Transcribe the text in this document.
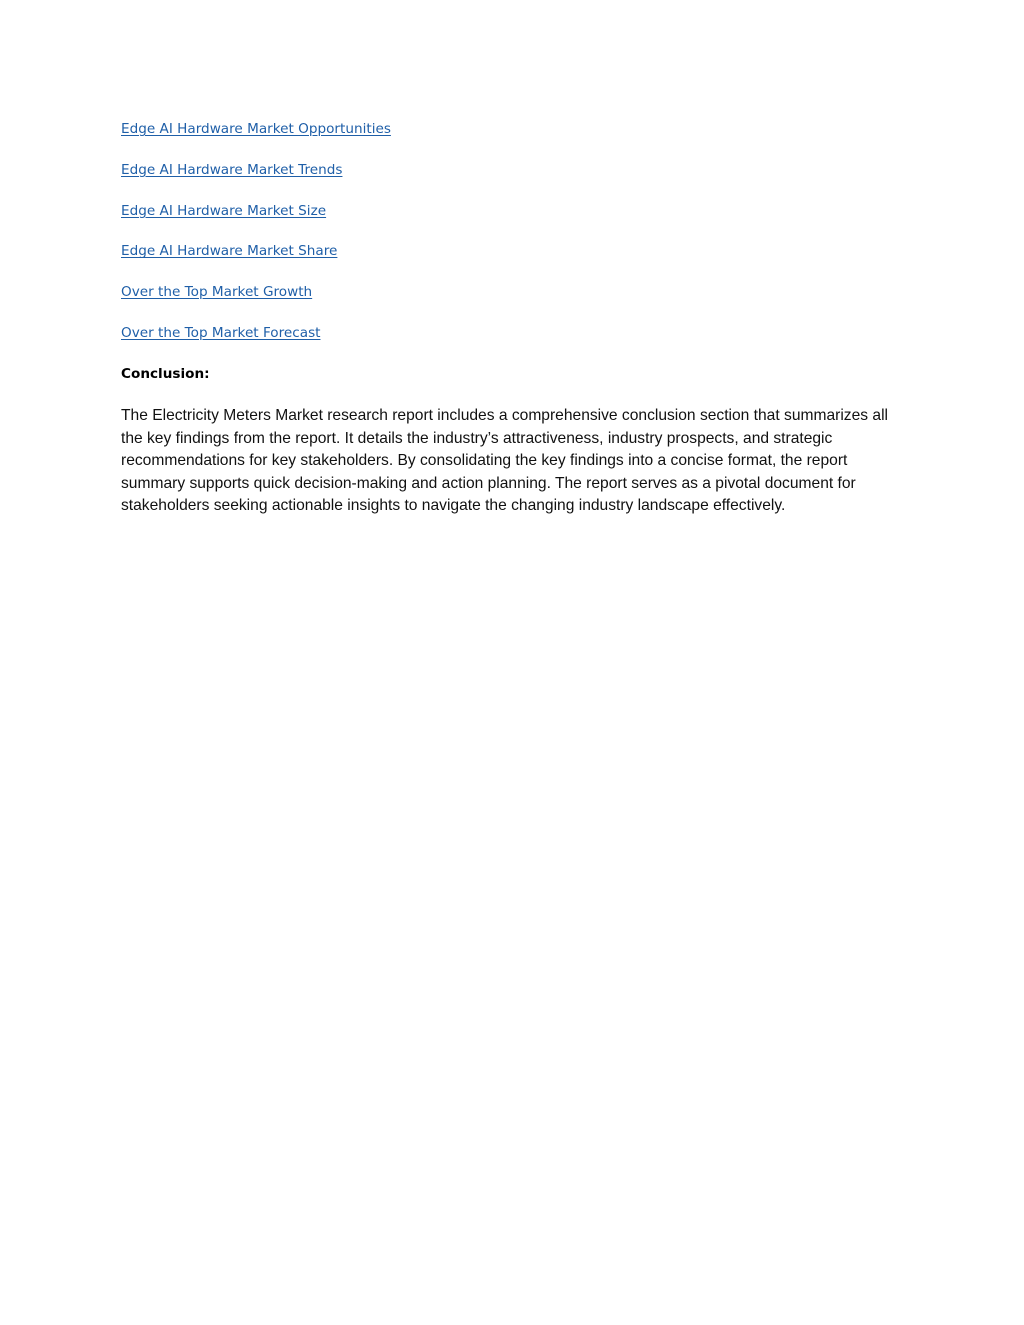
Edge AI Hardware Market Opportunities
Edge AI Hardware Market Trends
Edge AI Hardware Market Size
Edge AI Hardware Market Share
Over the Top Market Growth
Over the Top Market Forecast

Conclusion:

The Electricity Meters Market research report includes a comprehensive conclusion section that summarizes all the key findings from the report. It details the industry’s attractiveness, industry prospects, and strategic recommendations for key stakeholders. By consolidating the key findings into a concise format, the report summary supports quick decision-making and action planning. The report serves as a pivotal document for stakeholders seeking actionable insights to navigate the changing industry landscape effectively.
